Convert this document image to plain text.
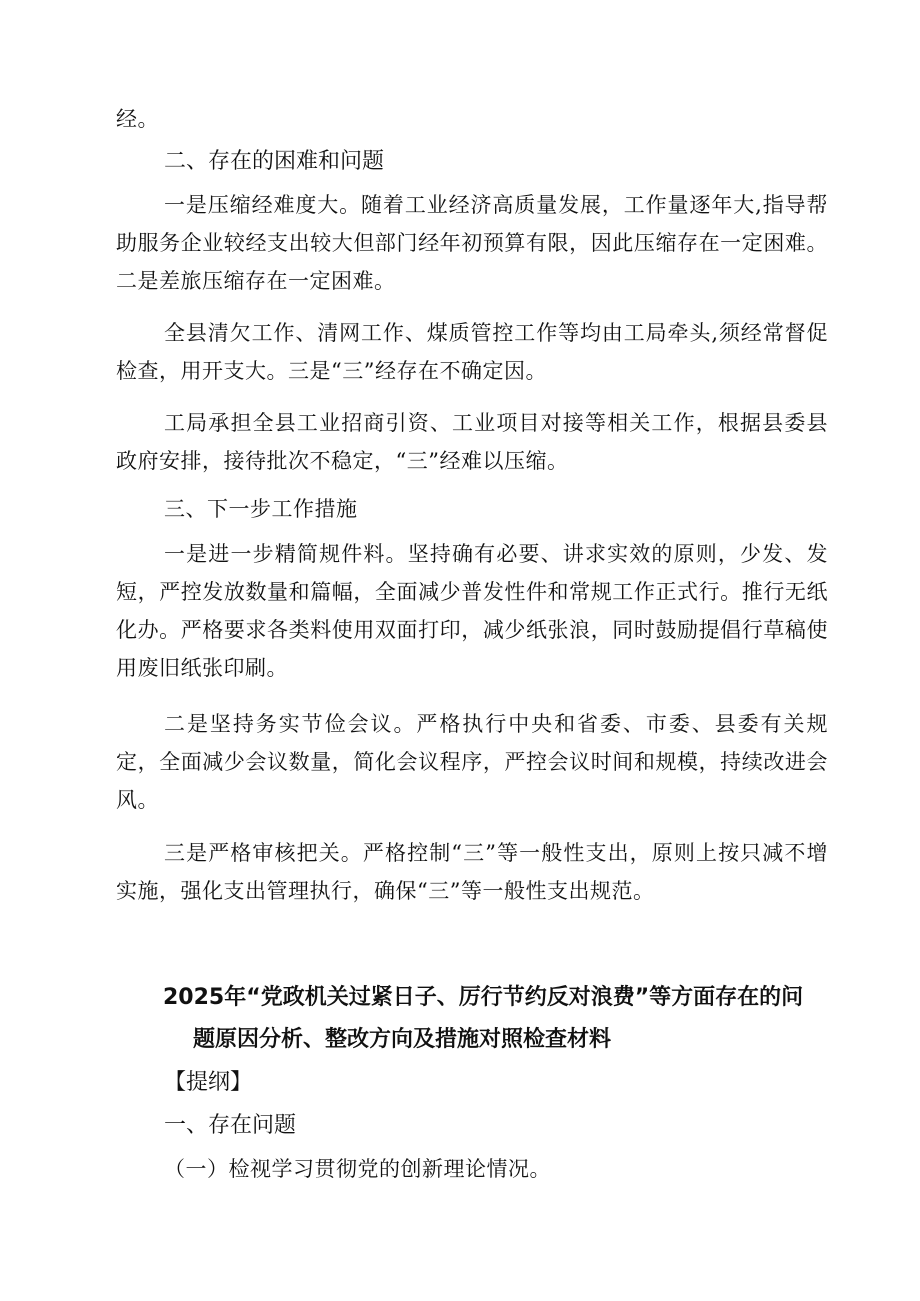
经。

二、存在的困难和问题

一是压缩经难度大。随着工业经济高质量发展，工作量逐年大,指导帮助服务企业较经支出较大但部门经年初预算有限，因此压缩存在一定困难。二是差旅压缩存在一定困难。

全县清欠工作、清网工作、煤质管控工作等均由工局牵头,须经常督促检查，用开支大。三是“三”经存在不确定因。

工局承担全县工业招商引资、工业项目对接等相关工作，根据县委县政府安排，接待批次不稳定，“三”经难以压缩。

三、下一步工作措施

一是进一步精简规件料。坚持确有必要、讲求实效的原则，少发、发短，严控发放数量和篇幅，全面减少普发性件和常规工作正式行。推行无纸化办。严格要求各类料使用双面打印，减少纸张浪，同时鼓励提倡行草稿使用废旧纸张印刷。

二是坚持务实节俭会议。严格执行中央和省委、市委、县委有关规定，全面减少会议数量，简化会议程序，严控会议时间和规模，持续改进会风。

三是严格审核把关。严格控制“三”等一般性支出，原则上按只减不增实施，强化支出管理执行，确保“三”等一般性支出规范。

2025年“党政机关过紧日子、厉行节约反对浪费”等方面存在的问
题原因分析、整改方向及措施对照检查材料

【提纲】

一、存在问题

（一）检视学习贯彻党的创新理论情况。
